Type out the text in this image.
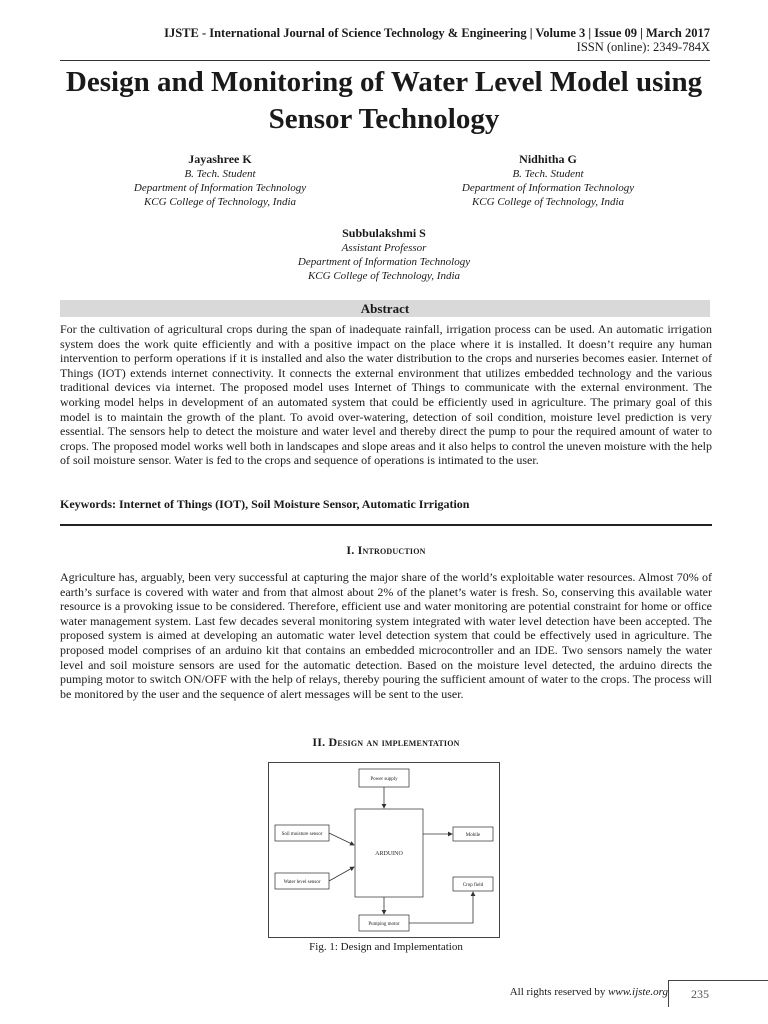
IJSTE - International Journal of Science Technology & Engineering | Volume 3 | Issue 09 | March 2017
ISSN (online): 2349-784X
Design and Monitoring of Water Level Model using Sensor Technology
Jayashree K
B. Tech. Student
Department of Information Technology
KCG College of Technology, India
Nidhitha G
B. Tech. Student
Department of Information Technology
KCG College of Technology, India
Subbulakshmi S
Assistant Professor
Department of Information Technology
KCG College of Technology, India
Abstract
For the cultivation of agricultural crops during the span of inadequate rainfall, irrigation process can be used. An automatic irrigation system does the work quite efficiently and with a positive impact on the place where it is installed. It doesn’t require any human intervention to perform operations if it is installed and also the water distribution to the crops and nurseries becomes easier. Internet of Things (IOT) extends internet connectivity. It connects the external environment that utilizes embedded technology and the various traditional devices via internet. The proposed model uses Internet of Things to communicate with the external environment. The working model helps in development of an automated system that could be efficiently used in agriculture. The primary goal of this model is to maintain the growth of the plant. To avoid over-watering, detection of soil condition, moisture level prediction is very essential. The sensors help to detect the moisture and water level and thereby direct the pump to pour the required amount of water to crops. The proposed model works well both in landscapes and slope areas and it also helps to control the uneven moisture with the help of soil moisture sensor. Water is fed to the crops and sequence of operations is intimated to the user.
Keywords: Internet of Things (IOT), Soil Moisture Sensor, Automatic Irrigation
I. Introduction
Agriculture has, arguably, been very successful at capturing the major share of the world’s exploitable water resources. Almost 70% of earth’s surface is covered with water and from that almost about 2% of the planet’s water is fresh. So, conserving this available water resource is a provoking issue to be considered. Therefore, efficient use and water monitoring are potential constraint for home or office water management system. Last few decades several monitoring system integrated with water level detection have been accepted. The proposed system is aimed at developing an automatic water level detection system that could be effectively used in agriculture. The proposed model comprises of an arduino kit that contains an embedded microcontroller and an IDE. Two sensors namely the water level and soil moisture sensors are used for the automatic detection. Based on the moisture level detected, the arduino directs the pumping motor to switch ON/OFF with the help of relays, thereby pouring the sufficient amount of water to the crops. The process will be monitored by the user and the sequence of alert messages will be sent to the user.
II. Design an implementation
Power supply
Soil moisture sensor
ARDUINO
Mobile
Water level sensor
Crop field
Pumping motor
Fig. 1: Design and Implementation
All rights reserved by www.ijste.org	235
